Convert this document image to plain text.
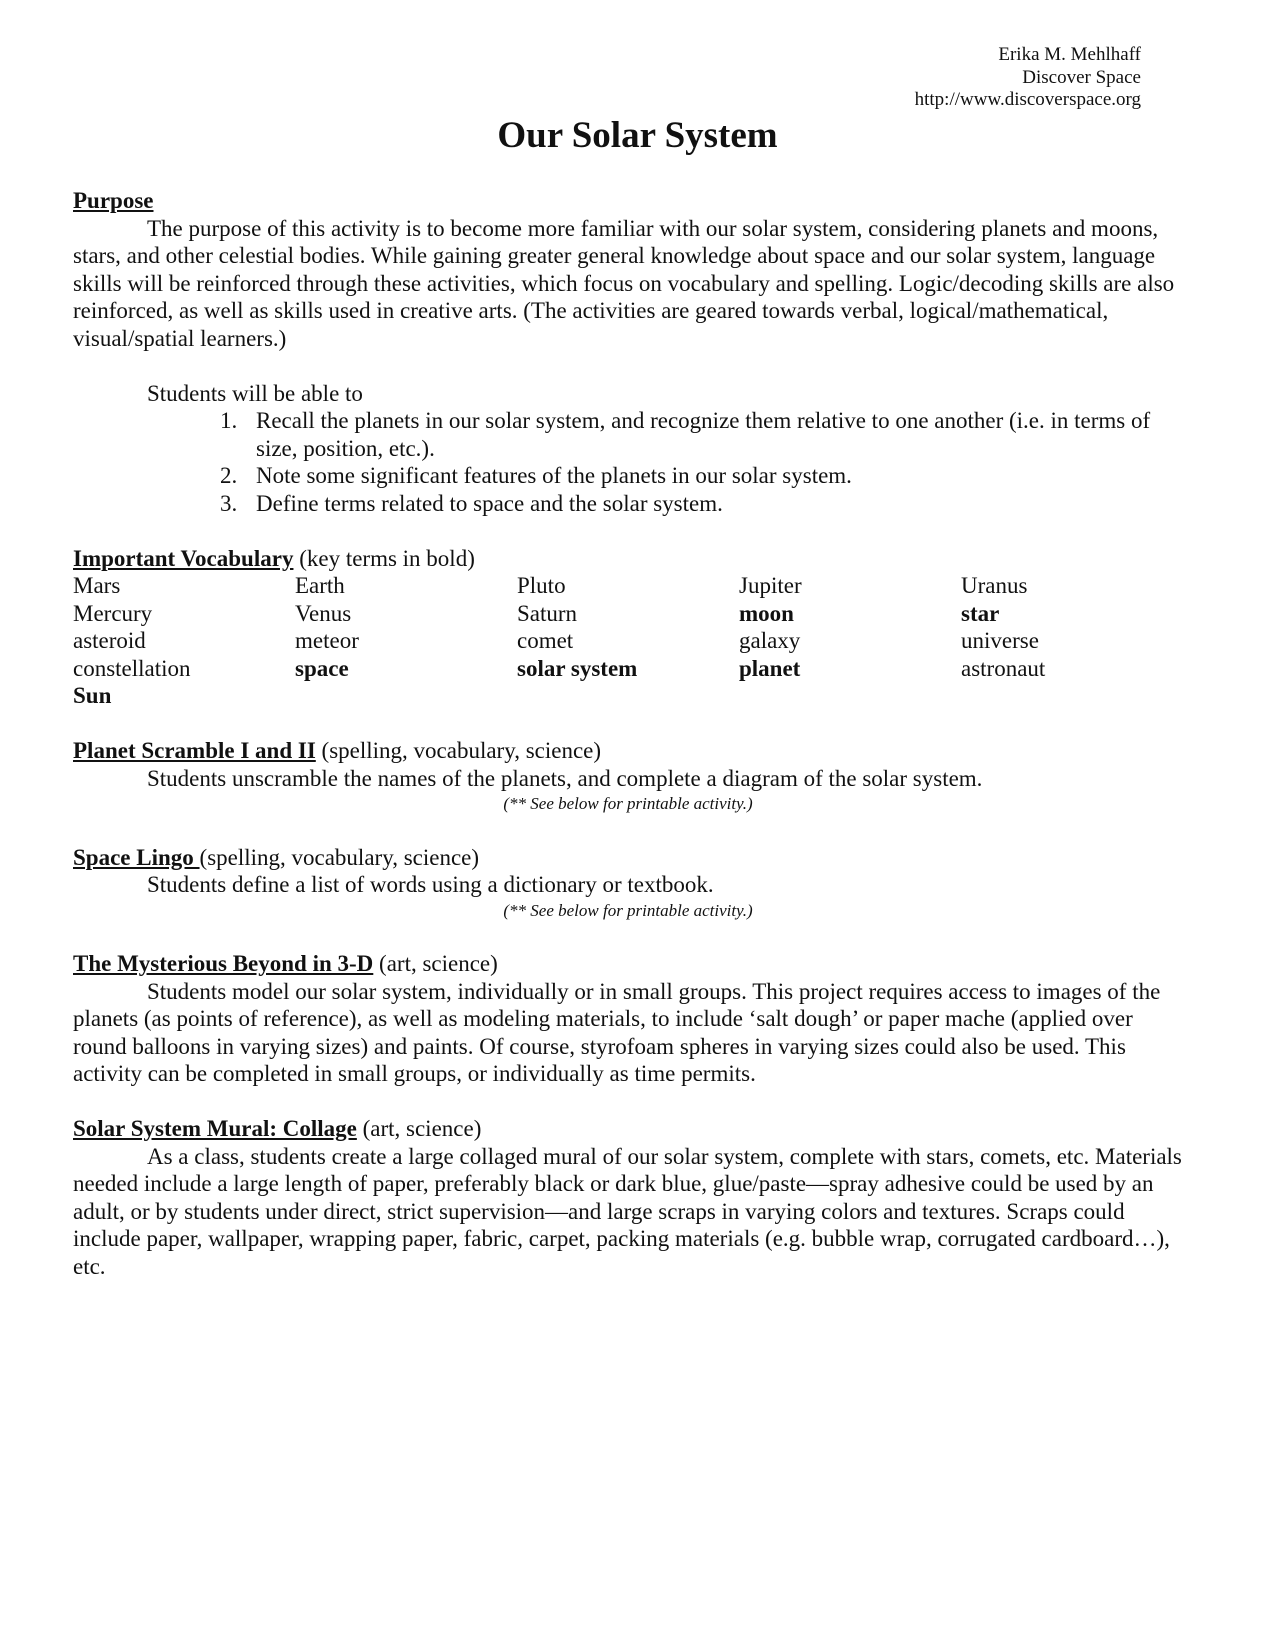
Erika M. Mehlhaff
Discover Space
http://www.discoverspace.org
Our Solar System
Purpose

The purpose of this activity is to become more familiar with our solar system, considering planets and moons, stars, and other celestial bodies. While gaining greater general knowledge about space and our solar system, language skills will be reinforced through these activities, which focus on vocabulary and spelling. Logic/decoding skills are also reinforced, as well as skills used in creative arts. (The activities are geared towards verbal, logical/mathematical, visual/spatial learners.)

Students will be able to
1. Recall the planets in our solar system, and recognize them relative to one another (i.e. in terms of size, position, etc.).
2. Note some significant features of the planets in our solar system.
3. Define terms related to space and the solar system.
Important Vocabulary (key terms in bold)
Mars	Earth	Pluto	Jupiter	Uranus
Mercury	Venus	Saturn	moon	star
asteroid	meteor	comet	galaxy	universe
constellation	space	solar system	planet	astronaut
Sun				
Planet Scramble I and II (spelling, vocabulary, science)

Students unscramble the names of the planets, and complete a diagram of the solar system.

(** See below for printable activity.)
Space Lingo (spelling, vocabulary, science)

Students define a list of words using a dictionary or textbook.

(** See below for printable activity.)
The Mysterious Beyond in 3-D (art, science)

Students model our solar system, individually or in small groups. This project requires access to images of the planets (as points of reference), as well as modeling materials, to include ‘salt dough’ or paper mache (applied over round balloons in varying sizes) and paints. Of course, styrofoam spheres in varying sizes could also be used. This activity can be completed in small groups, or individually as time permits.

Solar System Mural: Collage (art, science)

As a class, students create a large collaged mural of our solar system, complete with stars, comets, etc. Materials needed include a large length of paper, preferably black or dark blue, glue/paste—spray adhesive could be used by an adult, or by students under direct, strict supervision—and large scraps in varying colors and textures. Scraps could include paper, wallpaper, wrapping paper, fabric, carpet, packing materials (e.g. bubble wrap, corrugated cardboard…), etc.
